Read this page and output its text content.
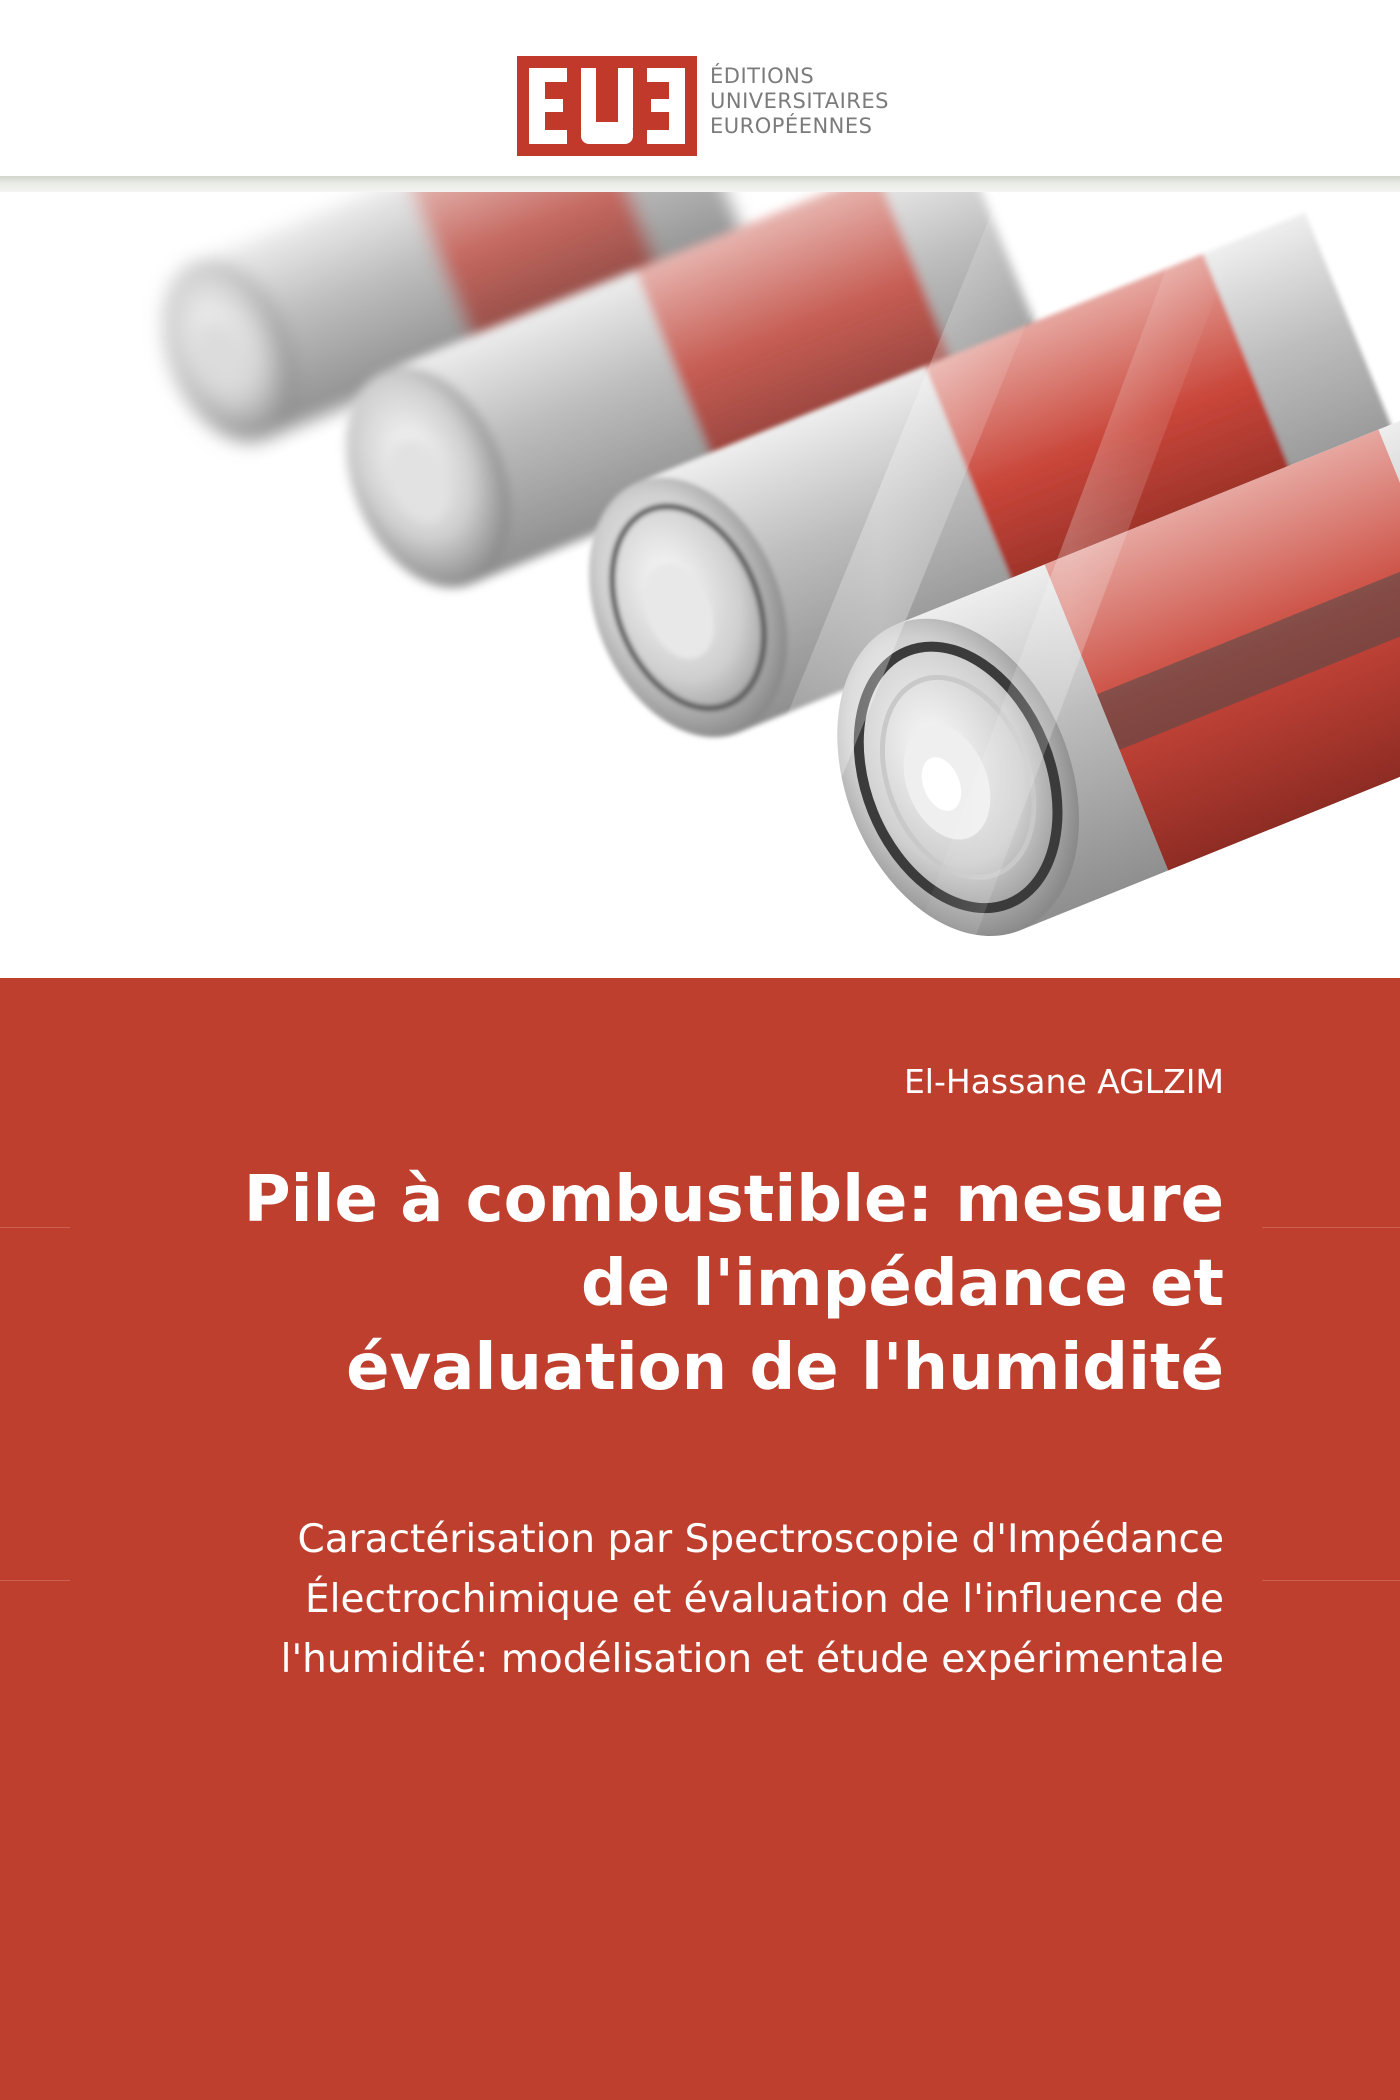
ÉDITIONS
UNIVERSITAIRES
EUROPÉENNES
El-Hassane AGLZIM
Pile à combustible: mesure
de l'impédance et
évaluation de l'humidité
Caractérisation par Spectroscopie d'Impédance
Électrochimique et évaluation de l'influence de
l'humidité: modélisation et étude expérimentale
